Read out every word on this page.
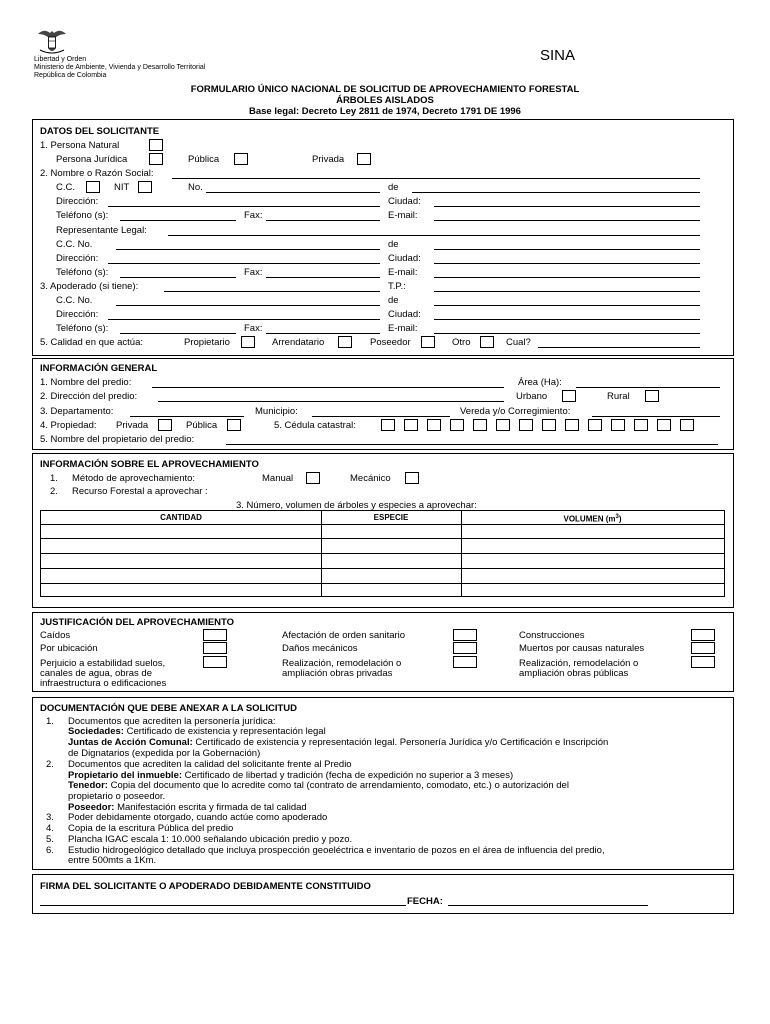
Libertad y Orden
Ministerio de Ambiente, Vivienda y Desarrollo Territorial
República de Colombia
SINA
FORMULARIO ÚNICO NACIONAL DE SOLICITUD DE APROVECHAMIENTO FORESTAL
ÁRBOLES AISLADOS
Base legal: Decreto Ley 2811 de 1974, Decreto 1791 DE 1996
DATOS DEL SOLICITANTE
1. Persona Natural
Persona Jurídica	Pública	Privada
2. Nombre o Razón Social:
C.C.	NIT	No.	de
Dirección:	Ciudad:
Teléfono (s):	Fax:	E-mail:
Representante Legal:
C.C. No.	de
Dirección:	Ciudad:
Teléfono (s):	Fax:	E-mail:
3. Apoderado (si tiene):	T.P.:
C.C. No.	de
Dirección:	Ciudad:
Teléfono (s):	Fax:	E-mail:
5. Calidad en que actúa:	Propietario	Arrendatario	Poseedor	Otro	Cual?
INFORMACIÓN GENERAL
1. Nombre del predio:	Área (Ha):
2. Dirección del predio:	Urbano	Rural
3. Departamento:	Municipio:	Vereda y/o Corregimiento:
4. Propiedad: Privada	Pública	5. Cédula catastral:
5. Nombre del propietario del predio:
INFORMACIÓN SOBRE EL APROVECHAMIENTO
1. Método de aprovechamiento:	Manual	Mecánico
2. Recurso Forestal a aprovechar :
3. Número, volumen de árboles y especies a aprovechar:
CANTIDAD	ESPECIE	VOLUMEN $(m^3)$
JUSTIFICACIÓN DEL APROVECHAMIENTO
Caídos
Por ubicación
Perjuicio a estabilidad suelos,
canales de agua, obras de
infraestructura o edificaciones
Afectación de orden sanitario
Daños mecánicos
Realización, remodelación o
ampliación obras privadas
Construcciones
Muertos por causas naturales
Realización, remodelación o
ampliación obras públicas
DOCUMENTACIÓN QUE DEBE ANEXAR A LA SOLICITUD
1. Documentos que acrediten la personería jurídica:
Sociedades: Certificado de existencia y representación legal
Juntas de Acción Comunal: Certificado de existencia y representación legal. Personería Jurídica y/o Certificación e Inscripción
de Dignatarios (expedida por la Gobernación)
2. Documentos que acrediten la calidad del solicitante frente al Predio
Propietario del inmueble: Certificado de libertad y tradición (fecha de expedición no superior a 3 meses)
Tenedor: Copia del documento que lo acredite como tal (contrato de arrendamiento, comodato, etc.) o autorización del
propietario o poseedor.
Poseedor: Manifestación escrita y firmada de tal calidad
3. Poder debidamente otorgado, cuando actúe como apoderado
4. Copia de la escritura Pública del predio
5. Plancha IGAC escala 1: 10.000 señalando ubicación predio y pozo.
6. Estudio hidrogeológico detallado que incluya prospección geoeléctrica e inventario de pozos en el área de influencia del predio,
entre 500mts a 1Km.
FIRMA DEL SOLICITANTE O APODERADO DEBIDAMENTE CONSTITUIDO
FECHA:
